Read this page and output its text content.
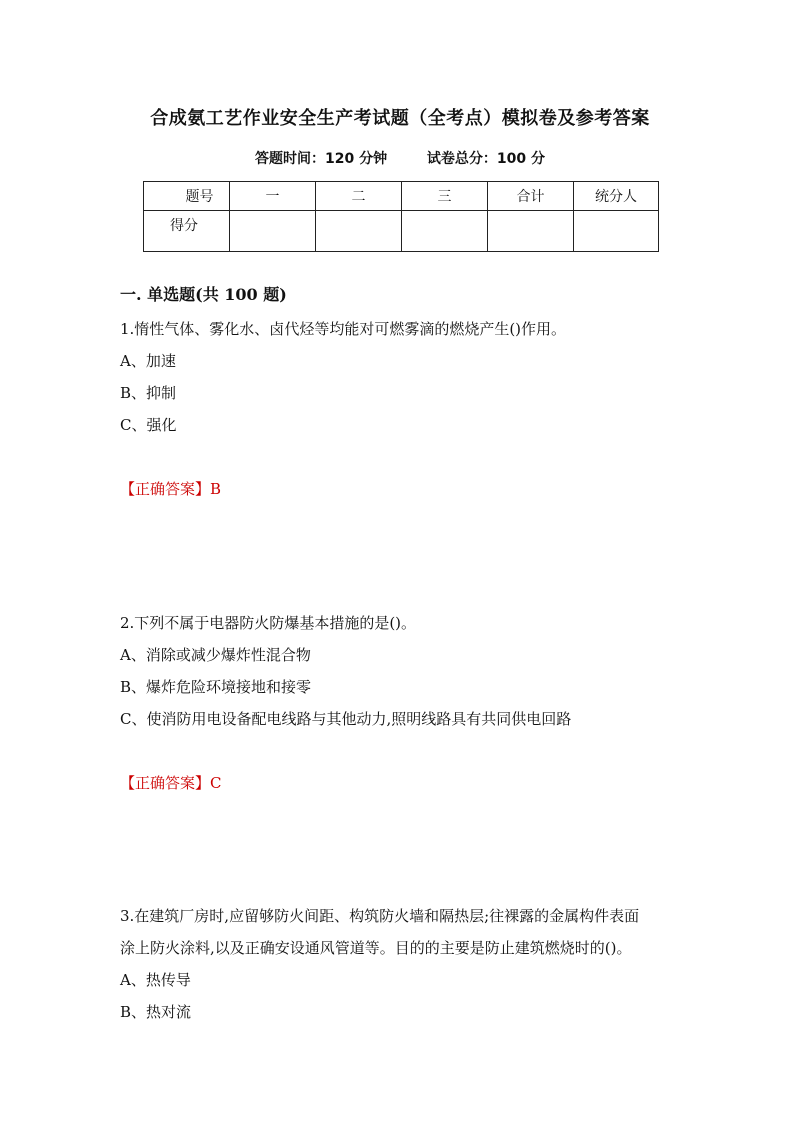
合成氨工艺作业安全生产考试题（全考点）模拟卷及参考答案
答题时间：120 分钟	试卷总分：100 分
题号	一	二	三	合计	统分人
得分					
一. 单选题(共 100 题)
1.惰性气体、雾化水、卤代烃等均能对可燃雾滴的燃烧产生()作用。
A、加速
B、抑制
C、强化
【正确答案】B
2.下列不属于电器防火防爆基本措施的是()。
A、消除或减少爆炸性混合物
B、爆炸危险环境接地和接零
C、使消防用电设备配电线路与其他动力,照明线路具有共同供电回路
【正确答案】C
3.在建筑厂房时,应留够防火间距、构筑防火墙和隔热层;往裸露的金属构件表面
涂上防火涂料,以及正确安设通风管道等。目的的主要是防止建筑燃烧时的()。
A、热传导
B、热对流
